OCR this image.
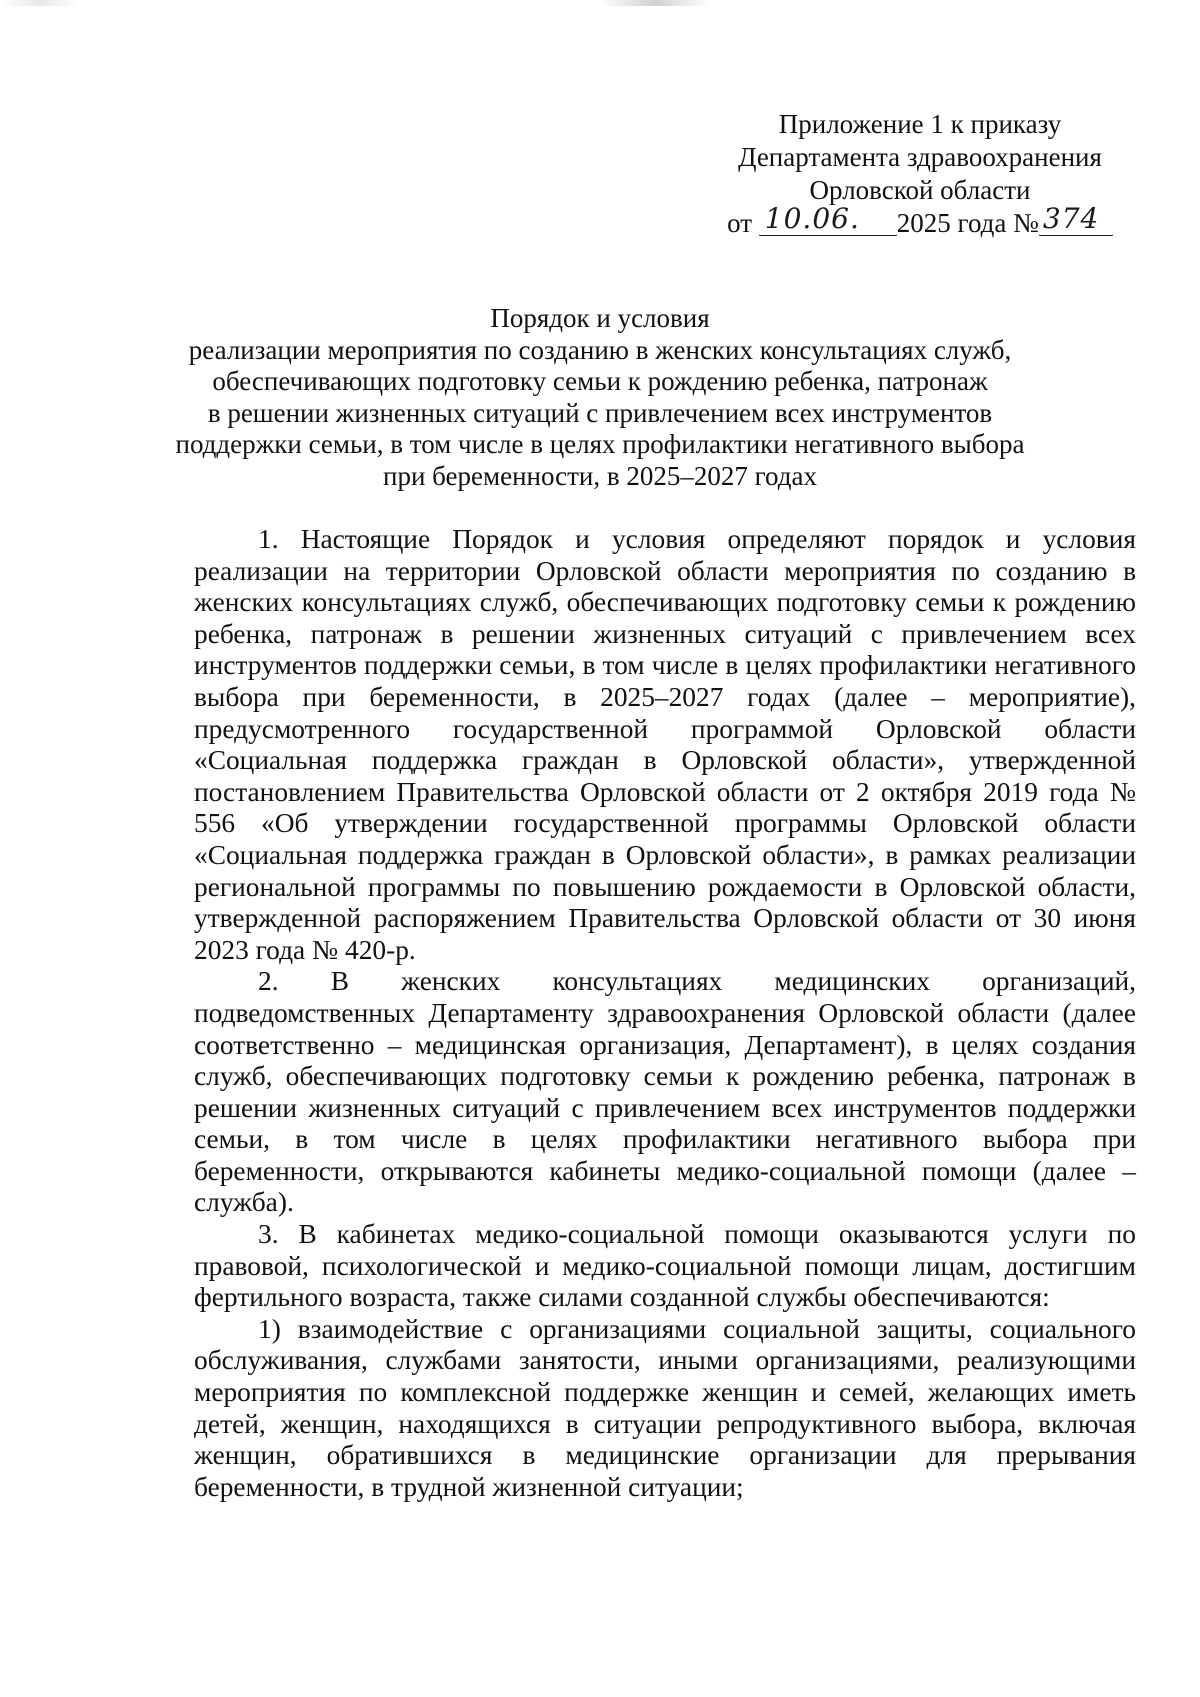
Приложение 1 к приказу
Департамента здравоохранения
Орловской области
от 10.06. 2025 года № 374
Порядок и условия
реализации мероприятия по созданию в женских консультациях служб,
обеспечивающих подготовку семьи к рождению ребенка, патронаж
в решении жизненных ситуаций с привлечением всех инструментов
поддержки семьи, в том числе в целях профилактики негативного выбора
при беременности, в 2025–2027 годах

1. Настоящие Порядок и условия определяют порядок и условия реализации на территории Орловской области мероприятия по созданию в женских консультациях служб, обеспечивающих подготовку семьи к рождению ребенка, патронаж в решении жизненных ситуаций с привлечением всех инструментов поддержки семьи, в том числе в целях профилактики негативного выбора при беременности, в 2025–2027 годах (далее – мероприятие), предусмотренного государственной программой Орловской области «Социальная поддержка граждан в Орловской области», утвержденной постановлением Правительства Орловской области от 2 октября 2019 года № 556 «Об утверждении государственной программы Орловской области «Социальная поддержка граждан в Орловской области», в рамках реализации региональной программы по повышению рождаемости в Орловской области, утвержденной распоряжением Правительства Орловской области от 30 июня 2023 года № 420-р.

2. В женских консультациях медицинских организаций, подведомственных Департаменту здравоохранения Орловской области (далее соответственно – медицинская организация, Департамент), в целях создания служб, обеспечивающих подготовку семьи к рождению ребенка, патронаж в решении жизненных ситуаций с привлечением всех инструментов поддержки семьи, в том числе в целях профилактики негативного выбора при беременности, открываются кабинеты медико-социальной помощи (далее – служба).

3. В кабинетах медико-социальной помощи оказываются услуги по правовой, психологической и медико-социальной помощи лицам, достигшим фертильного возраста, также силами созданной службы обеспечиваются:

1) взаимодействие с организациями социальной защиты, социального обслуживания, службами занятости, иными организациями, реализующими мероприятия по комплексной поддержке женщин и семей, желающих иметь детей, женщин, находящихся в ситуации репродуктивного выбора, включая женщин, обратившихся в медицинские организации для прерывания беременности, в трудной жизненной ситуации;
